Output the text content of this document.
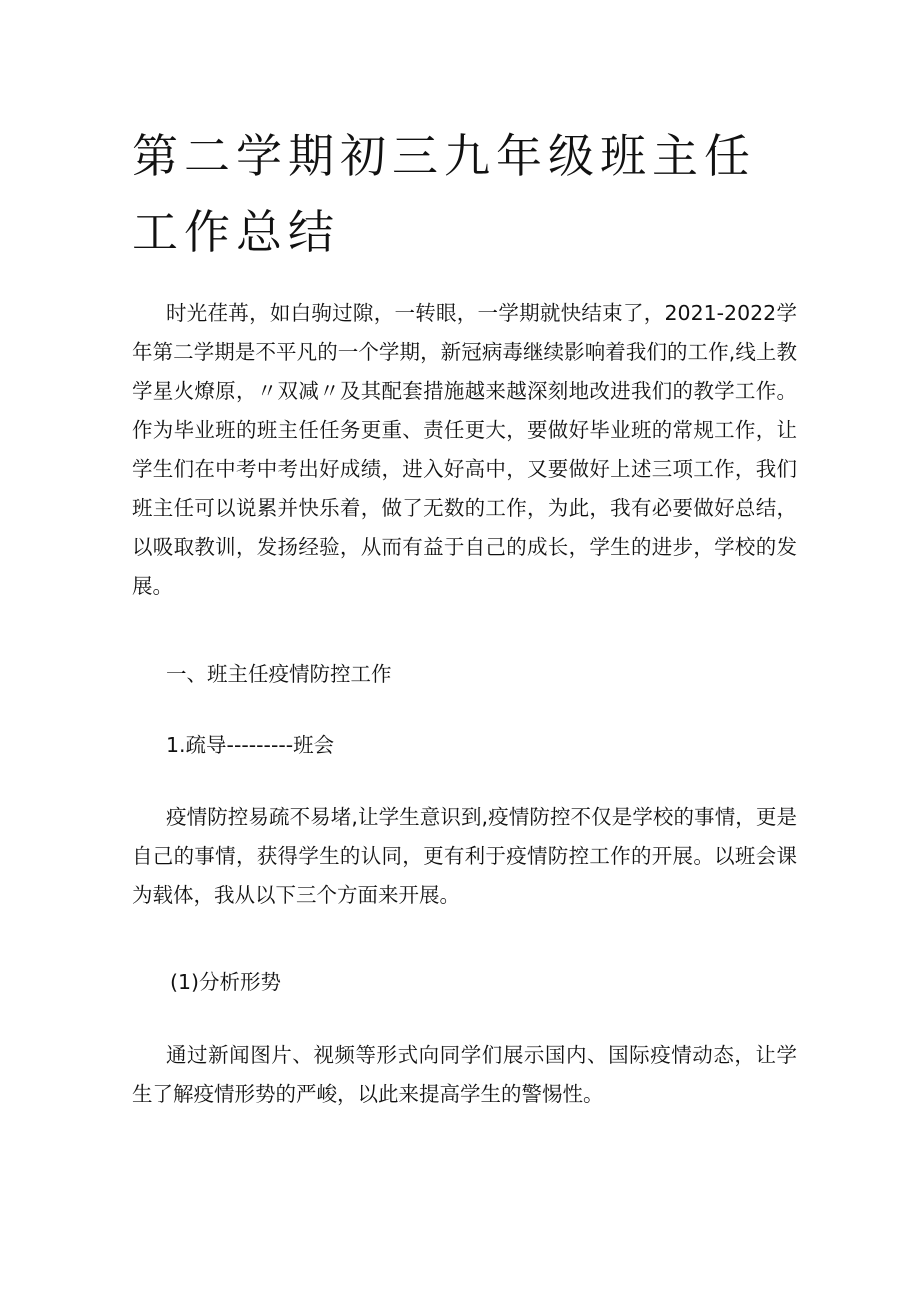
第二学期初三九年级班主任工作总结

时光荏苒，如白驹过隙，一转眼，一学期就快结束了，2021-2022学年第二学期是不平凡的一个学期，新冠病毒继续影响着我们的工作,线上教学星火燎原，〃双减〃及其配套措施越来越深刻地改进我们的教学工作。作为毕业班的班主任任务更重、责任更大，要做好毕业班的常规工作，让学生们在中考中考出好成绩，进入好高中，又要做好上述三项工作，我们班主任可以说累并快乐着，做了无数的工作，为此，我有必要做好总结，以吸取教训，发扬经验，从而有益于自己的成长，学生的进步，学校的发展。

一、班主任疫情防控工作

1.疏导---------班会

疫情防控易疏不易堵,让学生意识到,疫情防控不仅是学校的事情，更是自己的事情，获得学生的认同，更有利于疫情防控工作的开展。以班会课为载体，我从以下三个方面来开展。

(1)分析形势

通过新闻图片、视频等形式向同学们展示国内、国际疫情动态，让学生了解疫情形势的严峻，以此来提高学生的警惕性。
